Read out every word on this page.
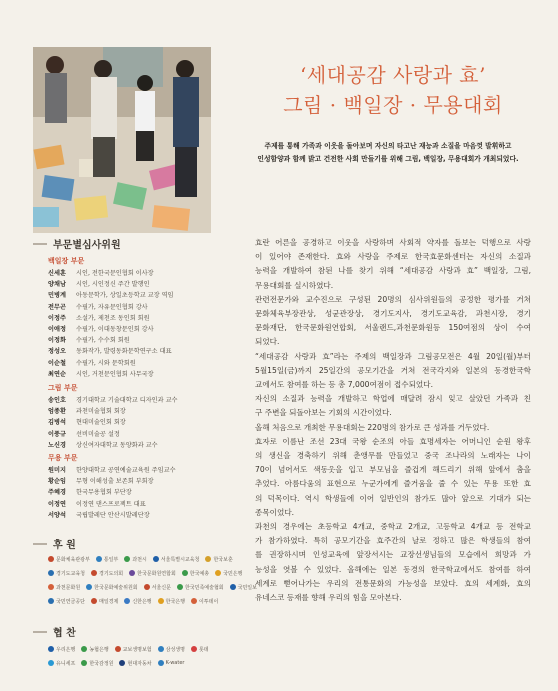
‘세대공감 사랑과 효’
그림 · 백일장 · 무용대회
주제를 통해 가족과 이웃을 돌아보며 자신의 타고난 재능과 소질을 마음껏 발휘하고
인성함양과 함께 밝고 건전한 사회 만들기를 위해 그림, 백일장, 무용대회가 개최되었다.
부문별심사위원
백일장 부문
신세훈	시인, 전한국문인협회 이사장
양채남	시인, 시인정신 주간 발행인
민병계	아동문학가, 상일초등학교 교장 역임
전무곤	수필가, 자유문인협회 강사
이정주	소설가, 제천조 동인회 회원
이애정	수필가, 이대동창문인회 강사
이정화	수필가, 수수회 회원
정성오	동화작가, 발령동화문학연구소 대표
이순철	수필가, 시와 문학회원
최연순	시인, 거천문인협회 사무국장
그림 부문
송인호	경기대학교 기술대학교 디자인과 교수
엄종환	과천미술협회 회장
김병석	현대미술인회 회장
이풍규	선비미술공 설정
노신경	상신여자대학교 동양화과 교수
무용 부문
원미지	한양대학교 공연예술교육원 주임교수
황순임	무형 이해성출 보존회 부회장
주혜경	한국무용협회 부단장
이정연	이정연 댄스프로젝트 대표
서양석	국립발레단 안산시발레단장
후 원
문화체육관광부	통일부	과천시	서울특별시교육청	한국보훈
경기도교육청	경기도의회	한국문화원연합회	한국예총	국민은행
과천문화원	한국문화예술위원회	서울신문	한국민족예술협회	국민일보
국민연금공단	매일경제	신한은행	한국은행	이투데이
협 찬
우리은행	농협은행	교보생명보험	삼성생명	롯데
유니세프	한국감정원	현대자동차	K-water
효란 어른을 공경하고 이웃을 사랑하며 사회적 약자를 돌보는 덕행으로 사랑
이 있어야 존재한다. 효와 사랑을 주제로 한국효문화센터는 자신의 소질과
능력을 개발하여 참된 나를 찾기 위해 “세대공감 사랑과 효” 백일장, 그림,
무용대회를 실시하였다.
관련전문가와 교수진으로 구성된 20명의 심사위원들의 공정한 평가를 거쳐
문화체육부장관상, 성균관장상, 경기도지사, 경기도교육감, 과천시장, 경기
문화재단, 한국문화원연합회, 서울랜드,과천문화원등 150여점의 상이 수여
되었다.
“세대공감 사랑과 효”라는 주제의 백일장과 그림공모전은 4월 20일(월)부터
5월15일(금)까지 25일간의 공모기간을 거쳐 전국각지와 일본의 동경한국학
교에서도 참여를 하는 등 총 7,000여점이 접수되었다.
자신의 소질과 능력을 개발하고 학업에 매달려 잠시 잊고 살았던 가족과 친
구 주변을 되돌아보는 기회의 시간이었다.
올해 처음으로 개최한 무용대회는 220명의 참가로 큰 성과를 거두었다.
효자로 이름난 조선 23대 국왕 순조의 아들 효명세자는 어머니인 순원 왕후
의 생신을 경축하기 위해 춘앵무를 만들었고 중국 조나라의 노래자는 나이
70이 넘어서도 색동옷을 입고 부모님을 즐겁게 해드리기 위해 앞에서 춤을
추었다. 아름다움의 표현으로 누군가에게 즐거움을 줄 수 있는 무용 또한 효
의 덕목이다. 역시 학생들에 이어 일반인의 참가도 많아 앞으로 기대가 되는
종목이었다.
과천의 경우에는 초등학교 4개교, 중학교 2개교, 고등학교 4개교 등 전학교
가 참가하였다. 특히 공모기간을 효주간의 날로 정하고 많은 학생들의 참여
를 권장하시며 인성교육에 앞장서시는 교장선생님들의 모습에서 희망과 가
능성을 엿볼 수 있었다. 올해에는 일본 동경의 한국학교에서도 참여를 하여
세계로 뻗어나가는 우리의 전통문화의 가능성을 보았다. 효의 세계화, 효의
유네스코 등재를 향해 우리의 힘을 모아본다.
